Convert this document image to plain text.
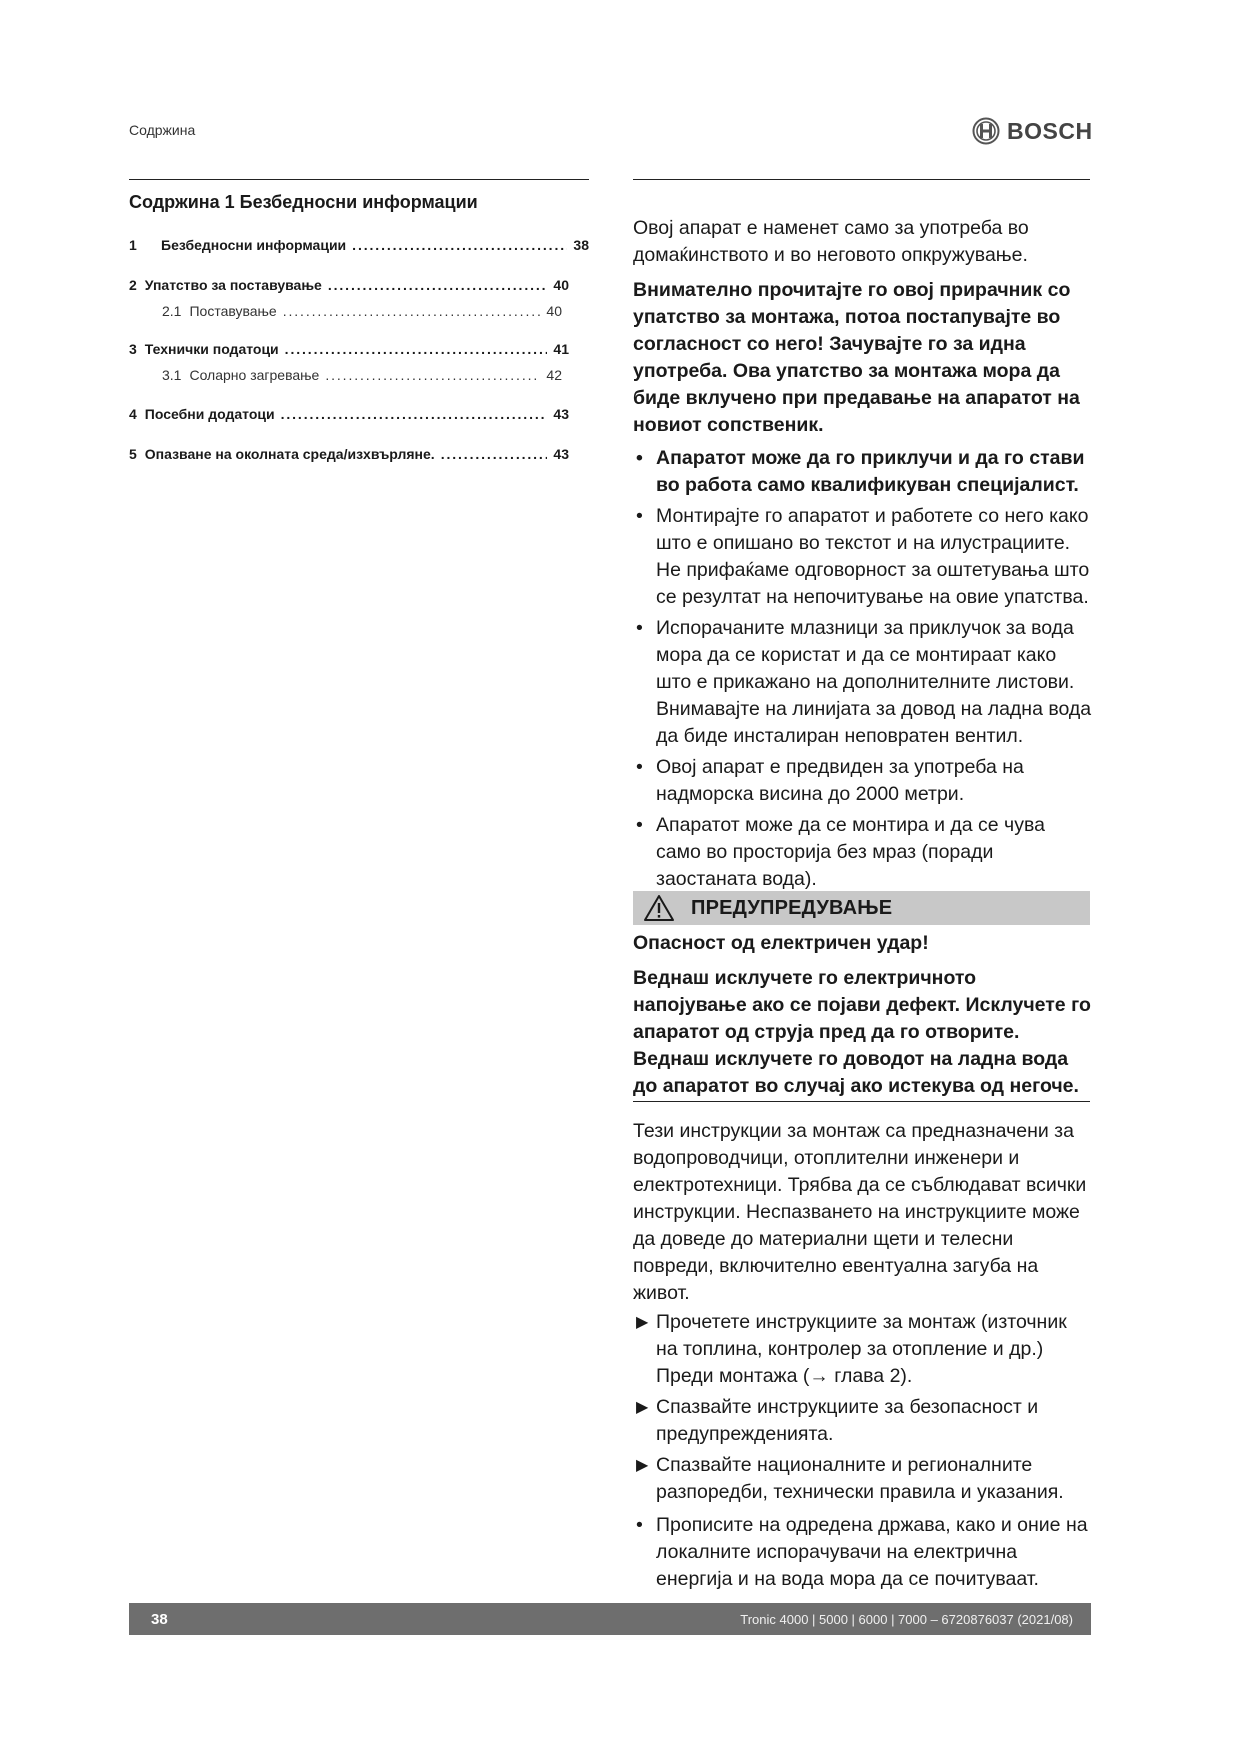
Содржина	BOSCH
Содржина 1 Безбедносни информации
1	Безбедносни информации . . .	38
2 Упатство за поставување . . .	40
2.1 Поставување . . .	40
3 Технички податоци . . .	41
3.1 Соларно загревање . . .	42
4 Посебни додатоци . . .	43
5 Опазване на околната среда/изхвърляне. . . .	43

Овој апарат е наменет само за употреба во домаќинството и во неговото опкружување.

Внимателно прочитајте го овој прирачник со упатство за монтажа, потоа постапувајте во согласност со него! Зачувајте го за идна употреба. Ова упатство за монтажа мора да биде вклучено при предавање на апаратот на новиот сопственик.

• Апаратот може да го приклучи и да го стави во работа само квалификуван специјалист.
• Монтирајте го апаратот и работете со него како што е опишано во текстот и на илустрациите. Не прифаќаме одговорност за оштетувања што се резултат на непочитување на овие упатства.
• Испорачаните млазници за приклучок за вода мора да се користат и да се монтираат како што е прикажано на дополнителните листови. Внимавајте на линијата за довод на ладна вода да биде инсталиран неповратен вентил.
• Овој апарат е предвиден за употреба на надморска висина до 2000 метри.
• Апаратот може да се монтира и да се чува само во просторија без мраз (поради заостаната вода).
ПРЕДУПРЕДУВАЊЕ

Опасност од електричен удар!

Веднаш исклучете го електричното напојување ако се појави дефект. Исклучете го апаратот од струја пред да го отворите. Веднаш исклучете го доводот на ладна вода до апаратот во случај ако истекува од негоче.

Тези инструкции за монтаж са предназначени за водопроводчици, отоплителни инженери и електротехници. Трябва да се съблюдават всички инструкции. Неспазването на инструкциите може да доведе до материални щети и телесни повреди, включително евентуална загуба на живот.

▶ Прочетете инструкциите за монтаж (източник на топлина, контролер за отопление и др.) Преди монтажа (→ глава 2).
▶ Спазвайте инструкциите за безопасност и предупрежденията.
▶ Спазвайте националните и регионалните разпоредби, технически правила и указания.
• Прописите на одредена држава, како и оние на локалните испорачувачи на електрична енергија и на вода мора да се почитуваат.
38	Tronic 4000 | 5000 | 6000 | 7000 – 6720876037 (2021/08)
